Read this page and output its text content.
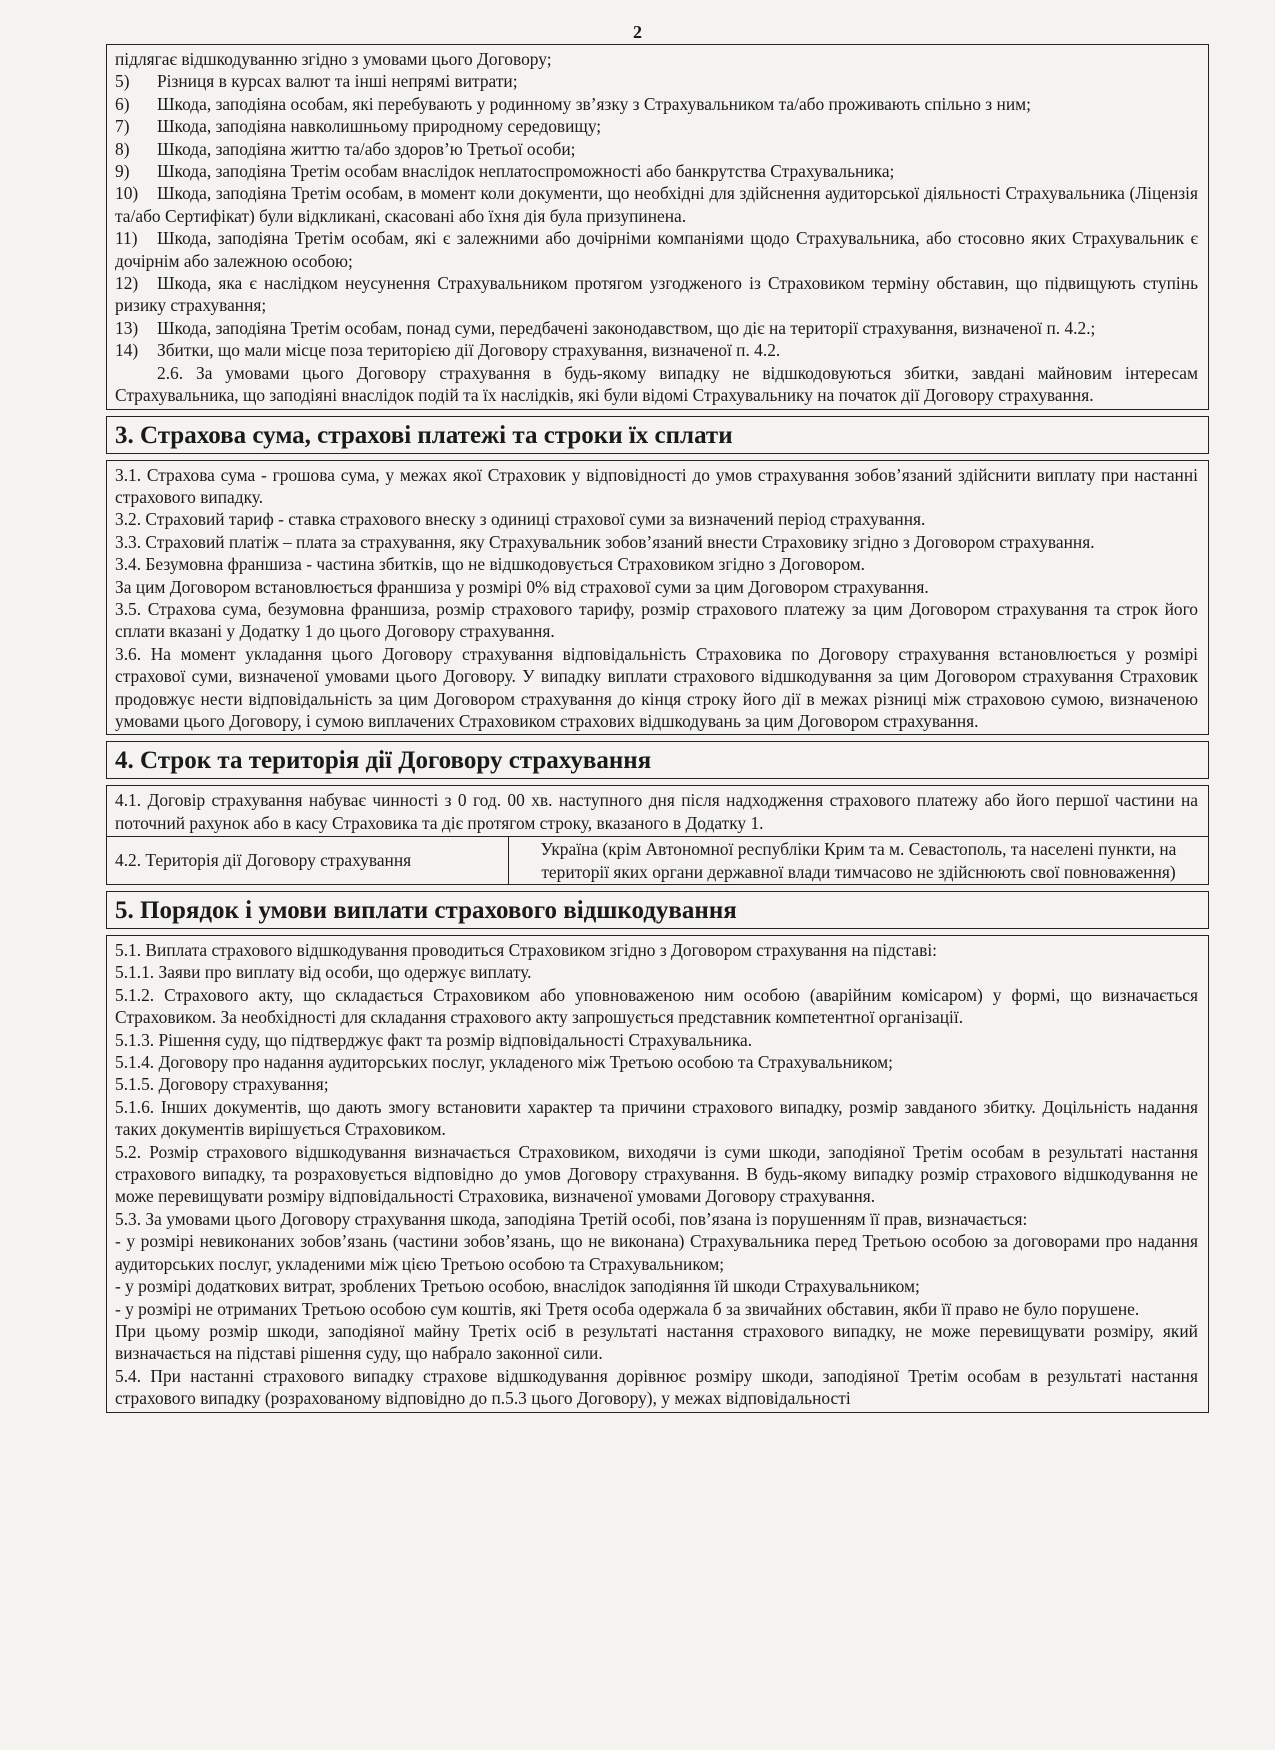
2

підлягає відшкодуванню згідно з умовами цього Договору;

5) Різниця в курсах валют та інші непрямі витрати;

6) Шкода, заподіяна особам, які перебувають у родинному зв’язку з Страхувальником та/або проживають спільно з ним;

7) Шкода, заподіяна навколишньому природному середовищу;

8) Шкода, заподіяна життю та/або здоров’ю Третьої особи;

9) Шкода, заподіяна Третім особам внаслідок неплатоспроможності або банкрутства Страхувальника;

10) Шкода, заподіяна Третім особам, в момент коли документи, що необхідні для здійснення аудиторської діяльності Страхувальника (Ліцензія та/або Сертифікат) були відкликані, скасовані або їхня дія була призупинена.

11) Шкода, заподіяна Третім особам, які є залежними або дочірніми компаніями щодо Страхувальника, або стосовно яких Страхувальник є дочірнім або залежною особою;

12) Шкода, яка є наслідком неусунення Страхувальником протягом узгодженого із Страховиком терміну обставин, що підвищують ступінь ризику страхування;

13) Шкода, заподіяна Третім особам, понад суми, передбачені законодавством, що діє на території страхування, визначеної п. 4.2.;

14) Збитки, що мали місце поза територією дії Договору страхування, визначеної п. 4.2.

2.6. За умовами цього Договору страхування в будь-якому випадку не відшкодовуються збитки, завдані майновим інтересам Страхувальника, що заподіяні внаслідок подій та їх наслідків, які були відомі Страхувальнику на початок дії Договору страхування.

3. Страхова сума, страхові платежі та строки їх сплати

3.1. Страхова сума - грошова сума, у межах якої Страховик у відповідності до умов страхування зобов’язаний здійснити виплату при настанні страхового випадку.

3.2. Страховий тариф - ставка страхового внеску з одиниці страхової суми за визначений період страхування.

3.3. Страховий платіж – плата за страхування, яку Страхувальник зобов’язаний внести Страховику згідно з Договором страхування.

3.4. Безумовна франшиза - частина збитків, що не відшкодовується Страховиком згідно з Договором.

За цим Договором встановлюється франшиза у розмірі 0% від страхової суми за цим Договором страхування.

3.5. Страхова сума, безумовна франшиза, розмір страхового тарифу, розмір страхового платежу за цим Договором страхування та строк його сплати вказані у Додатку 1 до цього Договору страхування.

3.6. На момент укладання цього Договору страхування відповідальність Страховика по Договору страхування встановлюється у розмірі страхової суми, визначеної умовами цього Договору. У випадку виплати страхового відшкодування за цим Договором страхування Страховик продовжує нести відповідальність за цим Договором страхування до кінця строку його дії в межах різниці між страховою сумою, визначеною умовами цього Договору, і сумою виплачених Страховиком страхових відшкодувань за цим Договором страхування.

4. Строк та територія дії Договору страхування

4.1. Договір страхування набуває чинності з 0 год. 00 хв. наступного дня після надходження страхового платежу або його першої частини на поточний рахунок або в касу Страховика та діє протягом строку, вказаного в Додатку 1.

4.2. Територія дії Договору страхування
Україна (крім Автономної республіки Крим та м. Севастополь, та населені пункти, на території яких органи державної влади тимчасово не здійснюють свої повноваження)
5. Порядок і умови виплати страхового відшкодування

5.1. Виплата страхового відшкодування проводиться Страховиком згідно з Договором страхування на підставі:

5.1.1. Заяви про виплату від особи, що одержує виплату.

5.1.2. Страхового акту, що складається Страховиком або уповноваженою ним особою (аварійним комісаром) у формі, що визначається Страховиком. За необхідності для складання страхового акту запрошується представник компетентної організації.

5.1.3. Рішення суду, що підтверджує факт та розмір відповідальності Страхувальника.

5.1.4. Договору про надання аудиторських послуг, укладеного між Третьою особою та Страхувальником;

5.1.5. Договору страхування;

5.1.6. Інших документів, що дають змогу встановити характер та причини страхового випадку, розмір завданого збитку. Доцільність надання таких документів вирішується Страховиком.

5.2. Розмір страхового відшкодування визначається Страховиком, виходячи із суми шкоди, заподіяної Третім особам в результаті настання страхового випадку, та розраховується відповідно до умов Договору страхування. В будь-якому випадку розмір страхового відшкодування не може перевищувати розміру відповідальності Страховика, визначеної умовами Договору страхування.

5.3. За умовами цього Договору страхування шкода, заподіяна Третій особі, пов’язана із порушенням її прав, визначається:

- у розмірі невиконаних зобов’язань (частини зобов’язань, що не виконана) Страхувальника перед Третьою особою за договорами про надання аудиторських послуг, укладеними між цією Третьою особою та Страхувальником;

- у розмірі додаткових витрат, зроблених Третьою особою, внаслідок заподіяння їй шкоди Страхувальником;

- у розмірі не отриманих Третьою особою сум коштів, які Третя особа одержала б за звичайних обставин, якби її право не було порушене.

При цьому розмір шкоди, заподіяної майну Третіх осіб в результаті настання страхового випадку, не може перевищувати розміру, який визначається на підставі рішення суду, що набрало законної сили.

5.4. При настанні страхового випадку страхове відшкодування дорівнює розміру шкоди, заподіяної Третім особам в результаті настання страхового випадку (розрахованому відповідно до п.5.3 цього Договору), у межах відповідальності
